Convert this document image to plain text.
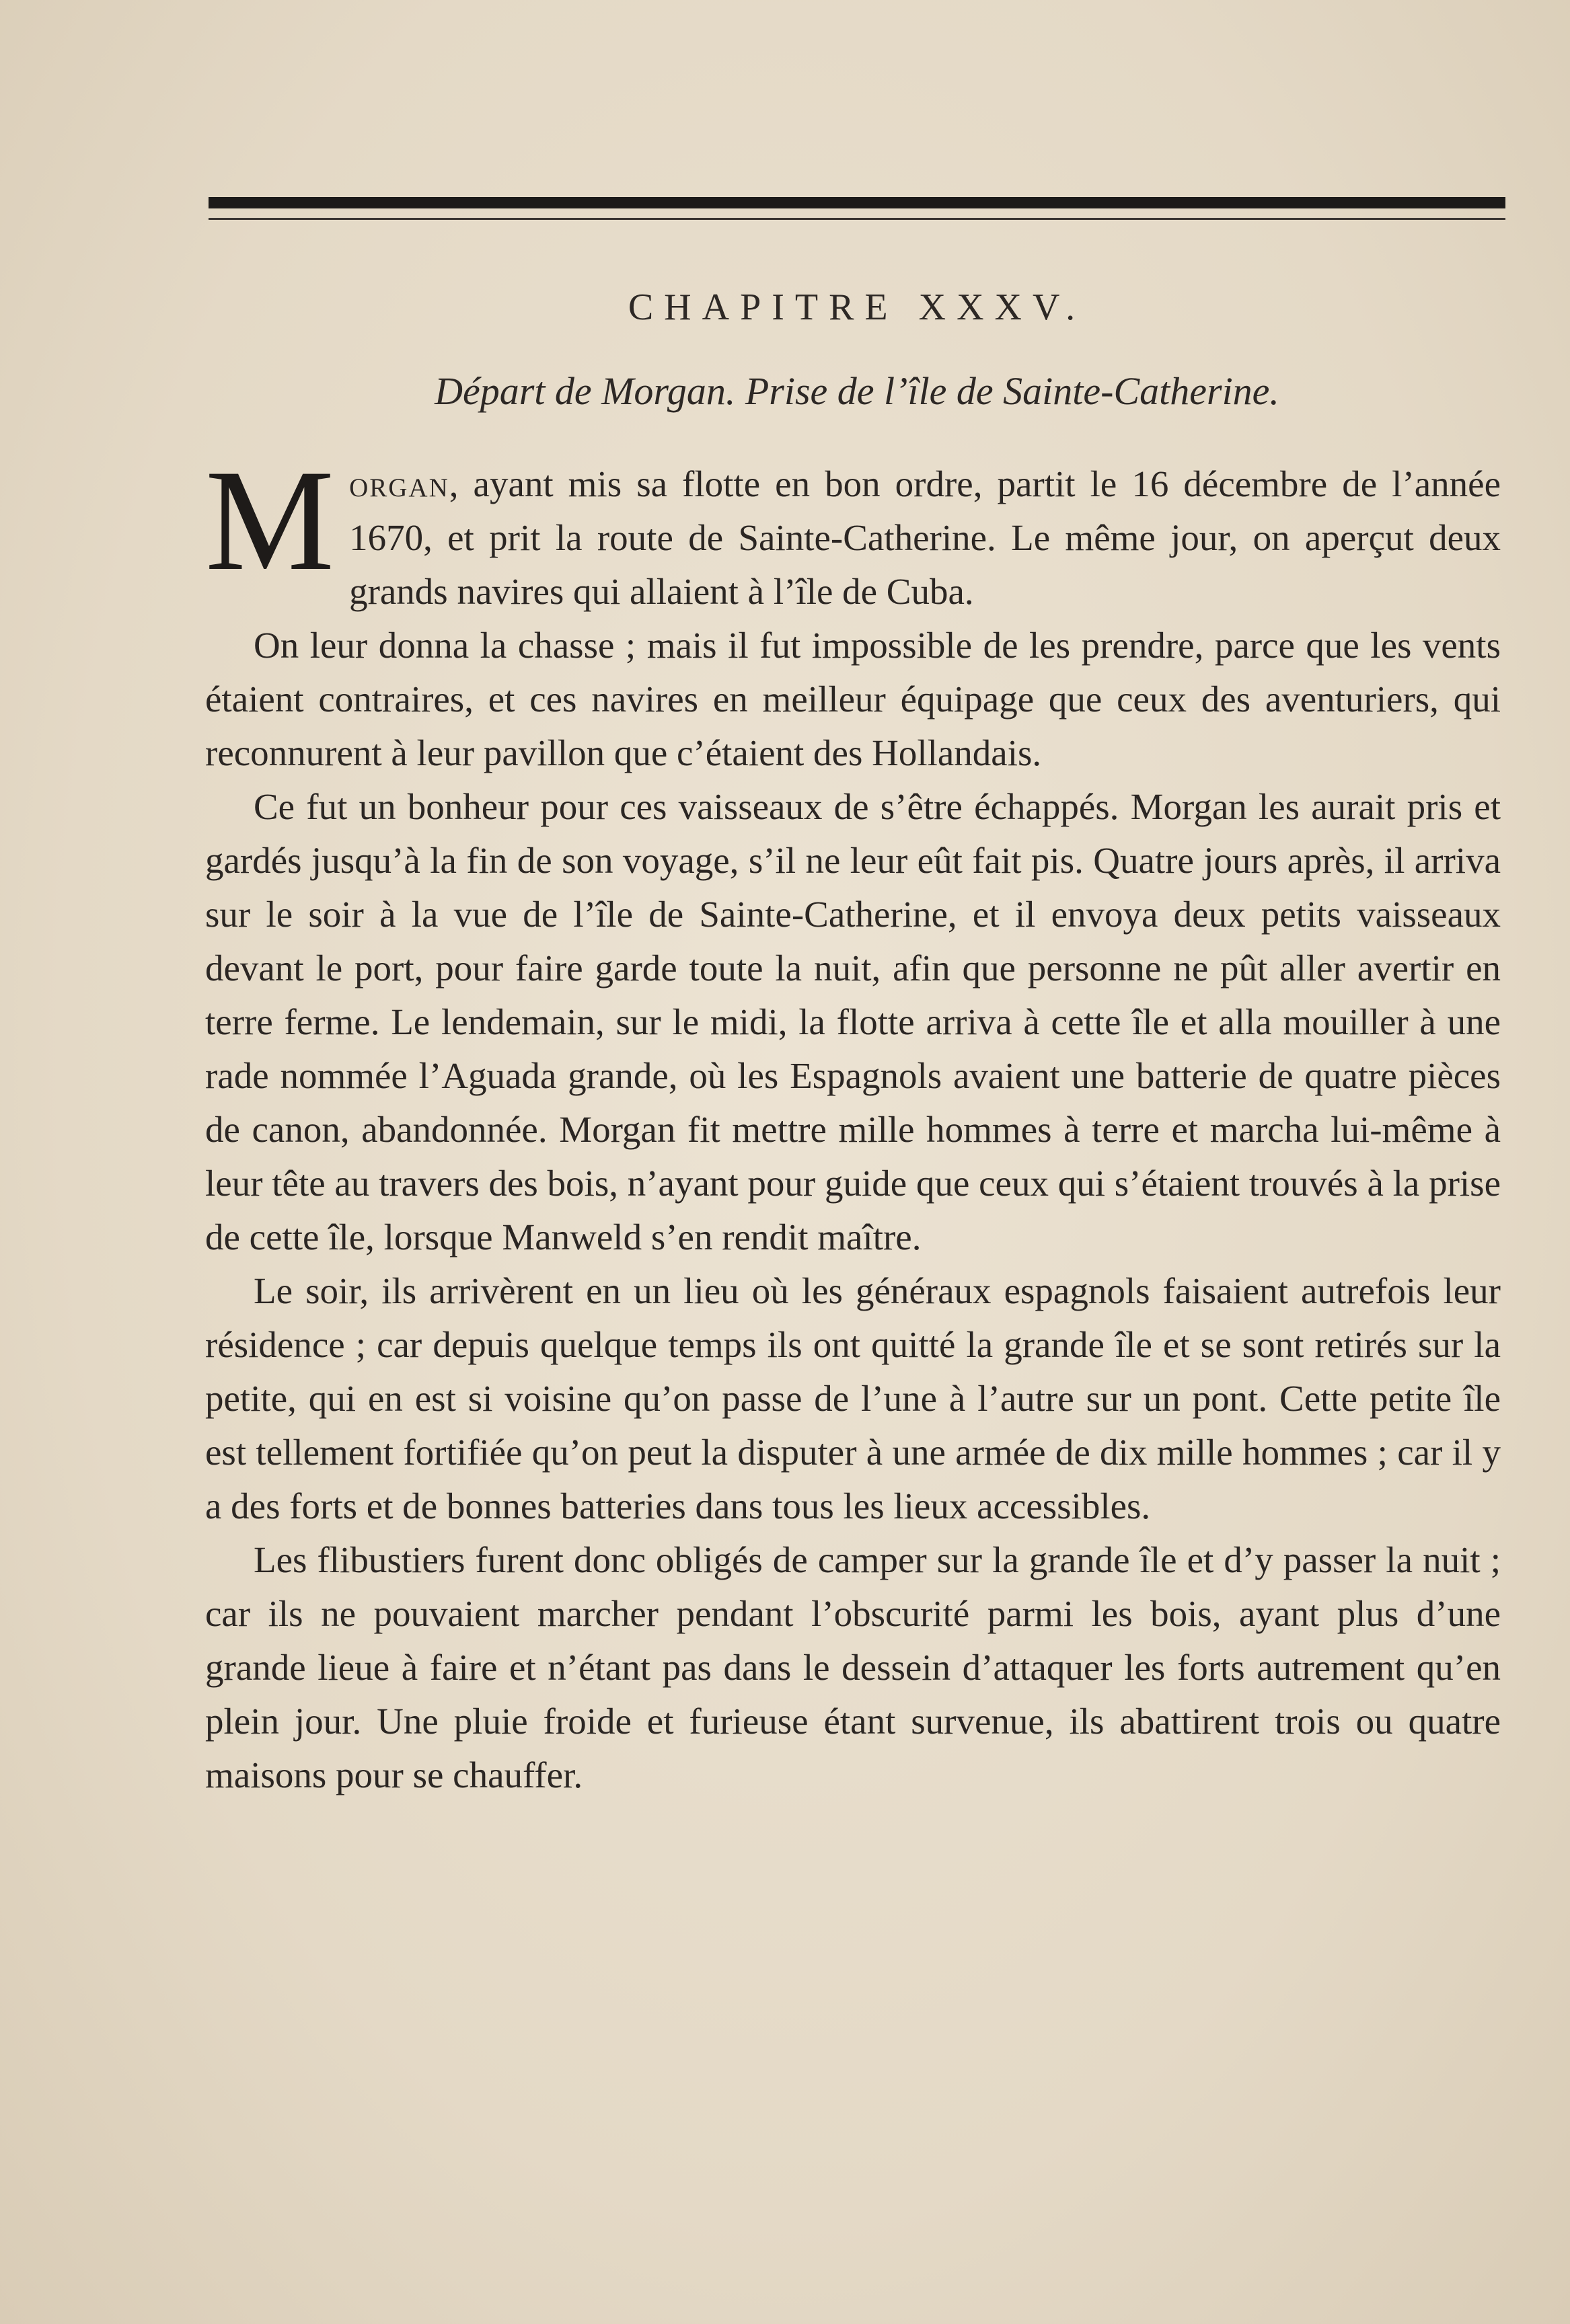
CHAPITRE XXXV.
Départ de Morgan. Prise de l’île de Sainte-Catherine.

Morgan, ayant mis sa flotte en bon ordre, partit le 16 décembre de l’année 1670, et prit la route de Sainte-Catherine. Le même jour, on aperçut deux grands navires qui allaient à l’île de Cuba.

On leur donna la chasse ; mais il fut impossible de les prendre, parce que les vents étaient contraires, et ces navires en meilleur équipage que ceux des aventuriers, qui reconnurent à leur pavillon que c’étaient des Hollandais.

Ce fut un bonheur pour ces vaisseaux de s’être échappés. Morgan les aurait pris et gardés jusqu’à la fin de son voyage, s’il ne leur eût fait pis. Quatre jours après, il arriva sur le soir à la vue de l’île de Sainte-Catherine, et il envoya deux petits vaisseaux devant le port, pour faire garde toute la nuit, afin que personne ne pût aller avertir en terre ferme. Le lendemain, sur le midi, la flotte arriva à cette île et alla mouiller à une rade nommée l’Aguada grande, où les Espagnols avaient une batterie de quatre pièces de canon, abandonnée. Morgan fit mettre mille hommes à terre et marcha lui-même à leur tête au travers des bois, n’ayant pour guide que ceux qui s’étaient trouvés à la prise de cette île, lorsque Manweld s’en rendit maître.

Le soir, ils arrivèrent en un lieu où les généraux espagnols faisaient autrefois leur résidence ; car depuis quelque temps ils ont quitté la grande île et se sont retirés sur la petite, qui en est si voisine qu’on passe de l’une à l’autre sur un pont. Cette petite île est tellement fortifiée qu’on peut la disputer à une armée de dix mille hommes ; car il y a des forts et de bonnes batteries dans tous les lieux accessibles.

Les flibustiers furent donc obligés de camper sur la grande île et d’y passer la nuit ; car ils ne pouvaient marcher pendant l’obscurité parmi les bois, ayant plus d’une grande lieue à faire et n’étant pas dans le dessein d’attaquer les forts autrement qu’en plein jour. Une pluie froide et furieuse étant survenue, ils abattirent trois ou quatre maisons pour se chauffer.
